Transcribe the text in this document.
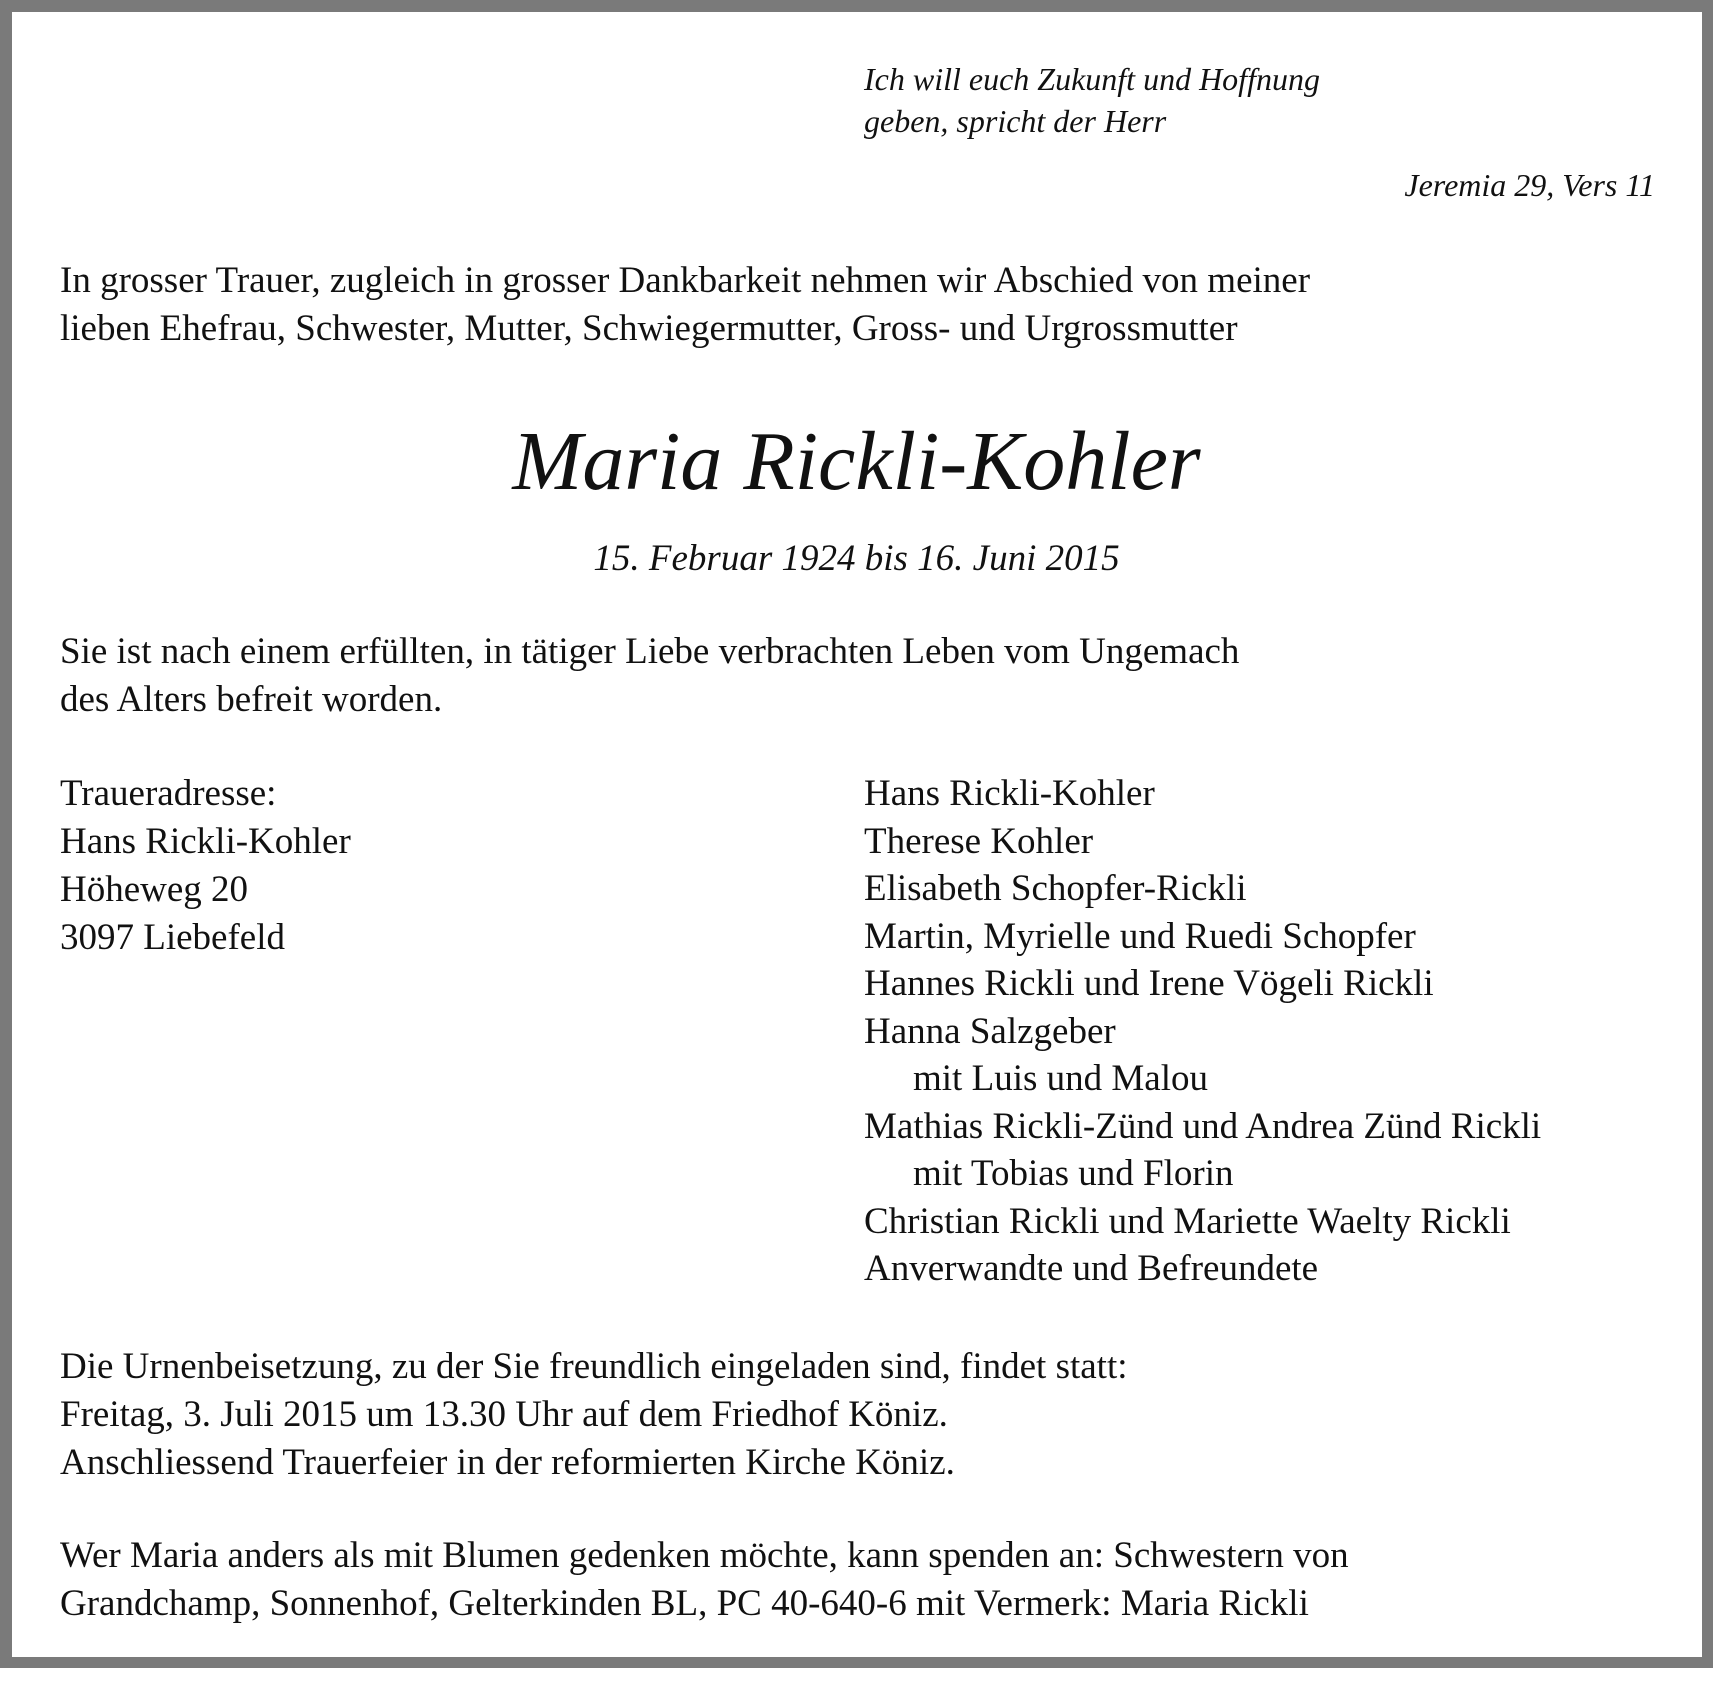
Ich will euch Zukunft und Hoffnung
geben, spricht der Herr
Jeremia 29, Vers 11
In grosser Trauer, zugleich in grosser Dankbarkeit nehmen wir Abschied von meiner
lieben Ehefrau, Schwester, Mutter, Schwiegermutter, Gross- und Urgrossmutter
Maria Rickli-Kohler
15. Februar 1924 bis 16. Juni 2015
Sie ist nach einem erfüllten, in tätiger Liebe verbrachten Leben vom Ungemach
des Alters befreit worden.
Traueradresse:
Hans Rickli-Kohler
Höheweg 20
3097 Liebefeld
Hans Rickli-Kohler
Therese Kohler
Elisabeth Schopfer-Rickli
Martin, Myrielle und Ruedi Schopfer
Hannes Rickli und Irene Vögeli Rickli
Hanna Salzgeber
mit Luis und Malou
Mathias Rickli-Zünd und Andrea Zünd Rickli
mit Tobias und Florin
Christian Rickli und Mariette Waelty Rickli
Anverwandte und Befreundete
Die Urnenbeisetzung, zu der Sie freundlich eingeladen sind, findet statt:
Freitag, 3. Juli 2015 um 13.30 Uhr auf dem Friedhof Köniz.
Anschliessend Trauerfeier in der reformierten Kirche Köniz.
Wer Maria anders als mit Blumen gedenken möchte, kann spenden an: Schwestern von
Grandchamp, Sonnenhof, Gelterkinden BL, PC 40-640-6 mit Vermerk: Maria Rickli
